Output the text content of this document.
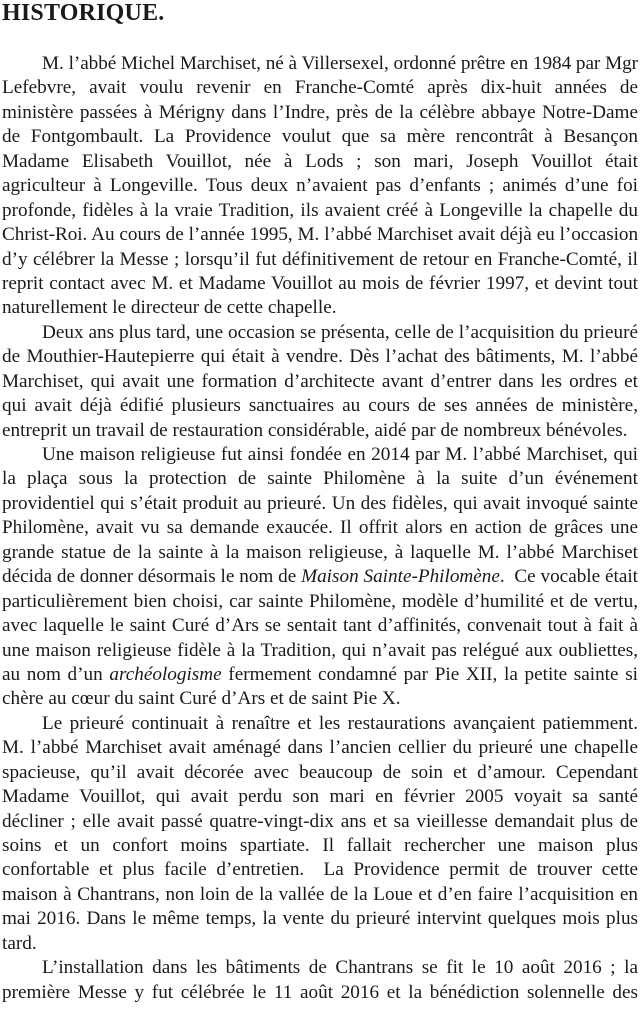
HISTORIQUE.
M. l’abbé Michel Marchiset, né à Villersexel, ordonné prêtre en 1984 par Mgr
Lefebvre, avait voulu revenir en Franche-Comté après dix-huit années de
ministère passées à Mérigny dans l’Indre, près de la célèbre abbaye Notre-Dame
de Fontgombault. La Providence voulut que sa mère rencontrât à Besançon
Madame Elisabeth Vouillot, née à Lods ; son mari, Joseph Vouillot était
agriculteur à Longeville. Tous deux n’avaient pas d’enfants ; animés d’une foi
profonde, fidèles à la vraie Tradition, ils avaient créé à Longeville la chapelle du
Christ-Roi. Au cours de l’année 1995, M. l’abbé Marchiset avait déjà eu l’occasion
d’y célébrer la Messe ; lorsqu’il fut définitivement de retour en Franche-Comté, il
reprit contact avec M. et Madame Vouillot au mois de février 1997, et devint tout
naturellement le directeur de cette chapelle.
Deux ans plus tard, une occasion se présenta, celle de l’acquisition du prieuré
de Mouthier-Hautepierre qui était à vendre. Dès l’achat des bâtiments, M. l’abbé
Marchiset, qui avait une formation d’architecte avant d’entrer dans les ordres et
qui avait déjà édifié plusieurs sanctuaires au cours de ses années de ministère,
entreprit un travail de restauration considérable, aidé par de nombreux bénévoles.
Une maison religieuse fut ainsi fondée en 2014 par M. l’abbé Marchiset, qui
la plaça sous la protection de sainte Philomène à la suite d’un événement
providentiel qui s’était produit au prieuré. Un des fidèles, qui avait invoqué sainte
Philomène, avait vu sa demande exaucée. Il offrit alors en action de grâces une
grande statue de la sainte à la maison religieuse, à laquelle M. l’abbé Marchiset
décida de donner désormais le nom de Maison Sainte-Philomène.  Ce vocable était
particulièrement bien choisi, car sainte Philomène, modèle d’humilité et de vertu,
avec laquelle le saint Curé d’Ars se sentait tant d’affinités, convenait tout à fait à
une maison religieuse fidèle à la Tradition, qui n’avait pas relégué aux oubliettes,
au nom d’un archéologisme fermement condamné par Pie XII, la petite sainte si
chère au cœur du saint Curé d’Ars et de saint Pie X.
Le prieuré continuait à renaître et les restaurations avançaient patiemment.
M. l’abbé Marchiset avait aménagé dans l’ancien cellier du prieuré une chapelle
spacieuse, qu’il avait décorée avec beaucoup de soin et d’amour. Cependant
Madame Vouillot, qui avait perdu son mari en février 2005 voyait sa santé
décliner ; elle avait passé quatre-vingt-dix ans et sa vieillesse demandait plus de
soins et un confort moins spartiate. Il fallait rechercher une maison plus
confortable et plus facile d’entretien.  La Providence permit de trouver cette
maison à Chantrans, non loin de la vallée de la Loue et d’en faire l’acquisition en
mai 2016. Dans le même temps, la vente du prieuré intervint quelques mois plus
tard.
L’installation dans les bâtiments de Chantrans se fit le 10 août 2016 ; la
première Messe y fut célébrée le 11 août 2016 et la bénédiction solennelle des
